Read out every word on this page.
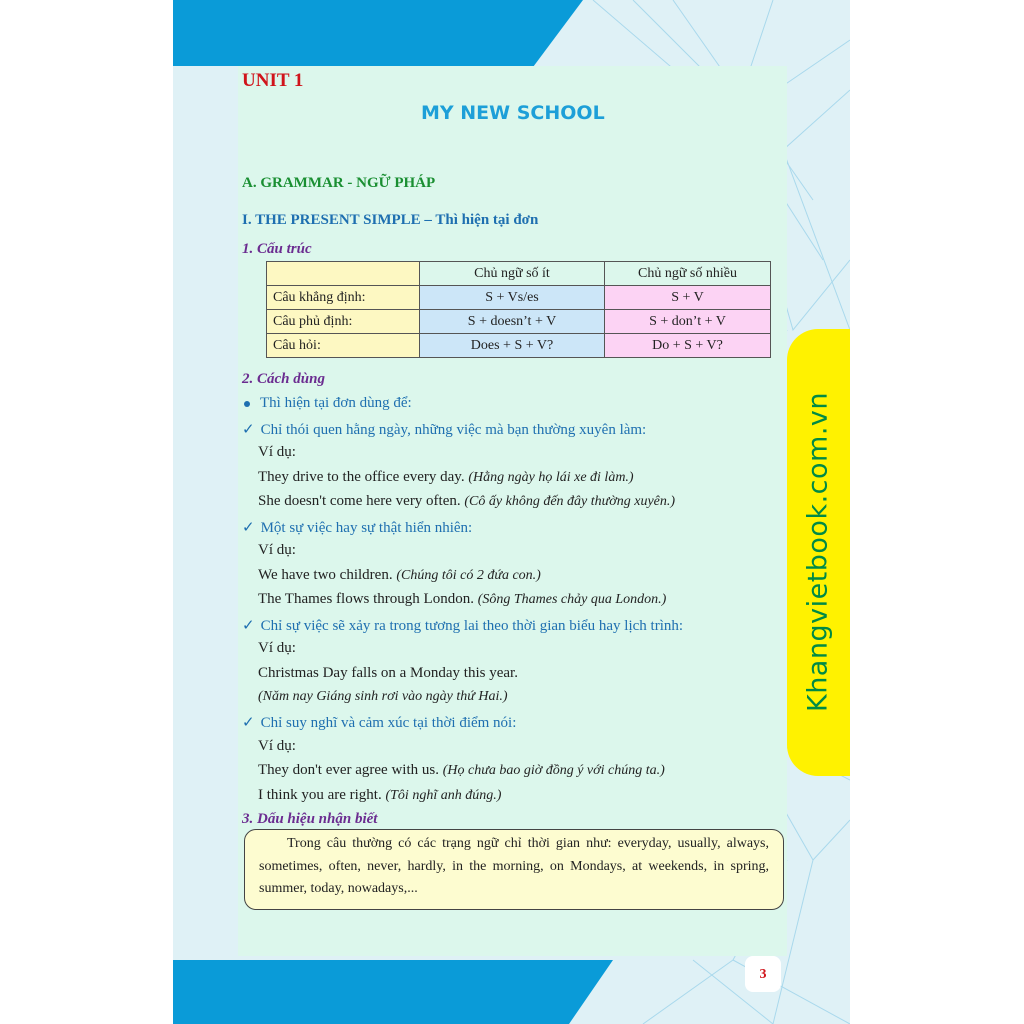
Khangvietbook.com.vn
3
UNIT 1
MY NEW SCHOOL
A. GRAMMAR - NGỮ PHÁP
I. THE PRESENT SIMPLE – Thì hiện tại đơn
1. Cấu trúc
	Chủ ngữ số ít	Chủ ngữ số nhiều
Câu khẳng định:	S + Vs/es	S + V
Câu phủ định:	S + doesn’t + V	S + don’t + V
Câu hỏi:	Does + S + V?	Do + S + V?
2. Cách dùng
Thì hiện tại đơn dùng để:
✓ Chỉ thói quen hằng ngày, những việc mà bạn thường xuyên làm:
Ví dụ:
They drive to the office every day. (Hằng ngày họ lái xe đi làm.)
She doesn't come here very often. (Cô ấy không đến đây thường xuyên.)
✓ Một sự việc hay sự thật hiển nhiên:
Ví dụ:
We have two children. (Chúng tôi có 2 đứa con.)
The Thames flows through London. (Sông Thames chảy qua London.)
✓ Chỉ sự việc sẽ xảy ra trong tương lai theo thời gian biểu hay lịch trình:
Ví dụ:
Christmas Day falls on a Monday this year.
(Năm nay Giáng sinh rơi vào ngày thứ Hai.)
✓ Chỉ suy nghĩ và cảm xúc tại thời điểm nói:
Ví dụ:
They don't ever agree with us. (Họ chưa bao giờ đồng ý với chúng ta.)
I think you are right. (Tôi nghĩ anh đúng.)
3. Dấu hiệu nhận biết
Trong câu thường có các trạng ngữ chỉ thời gian như: everyday, usually, always, sometimes, often, never, hardly, in the morning, on Mondays, at weekends, in spring, summer, today, nowadays,...
